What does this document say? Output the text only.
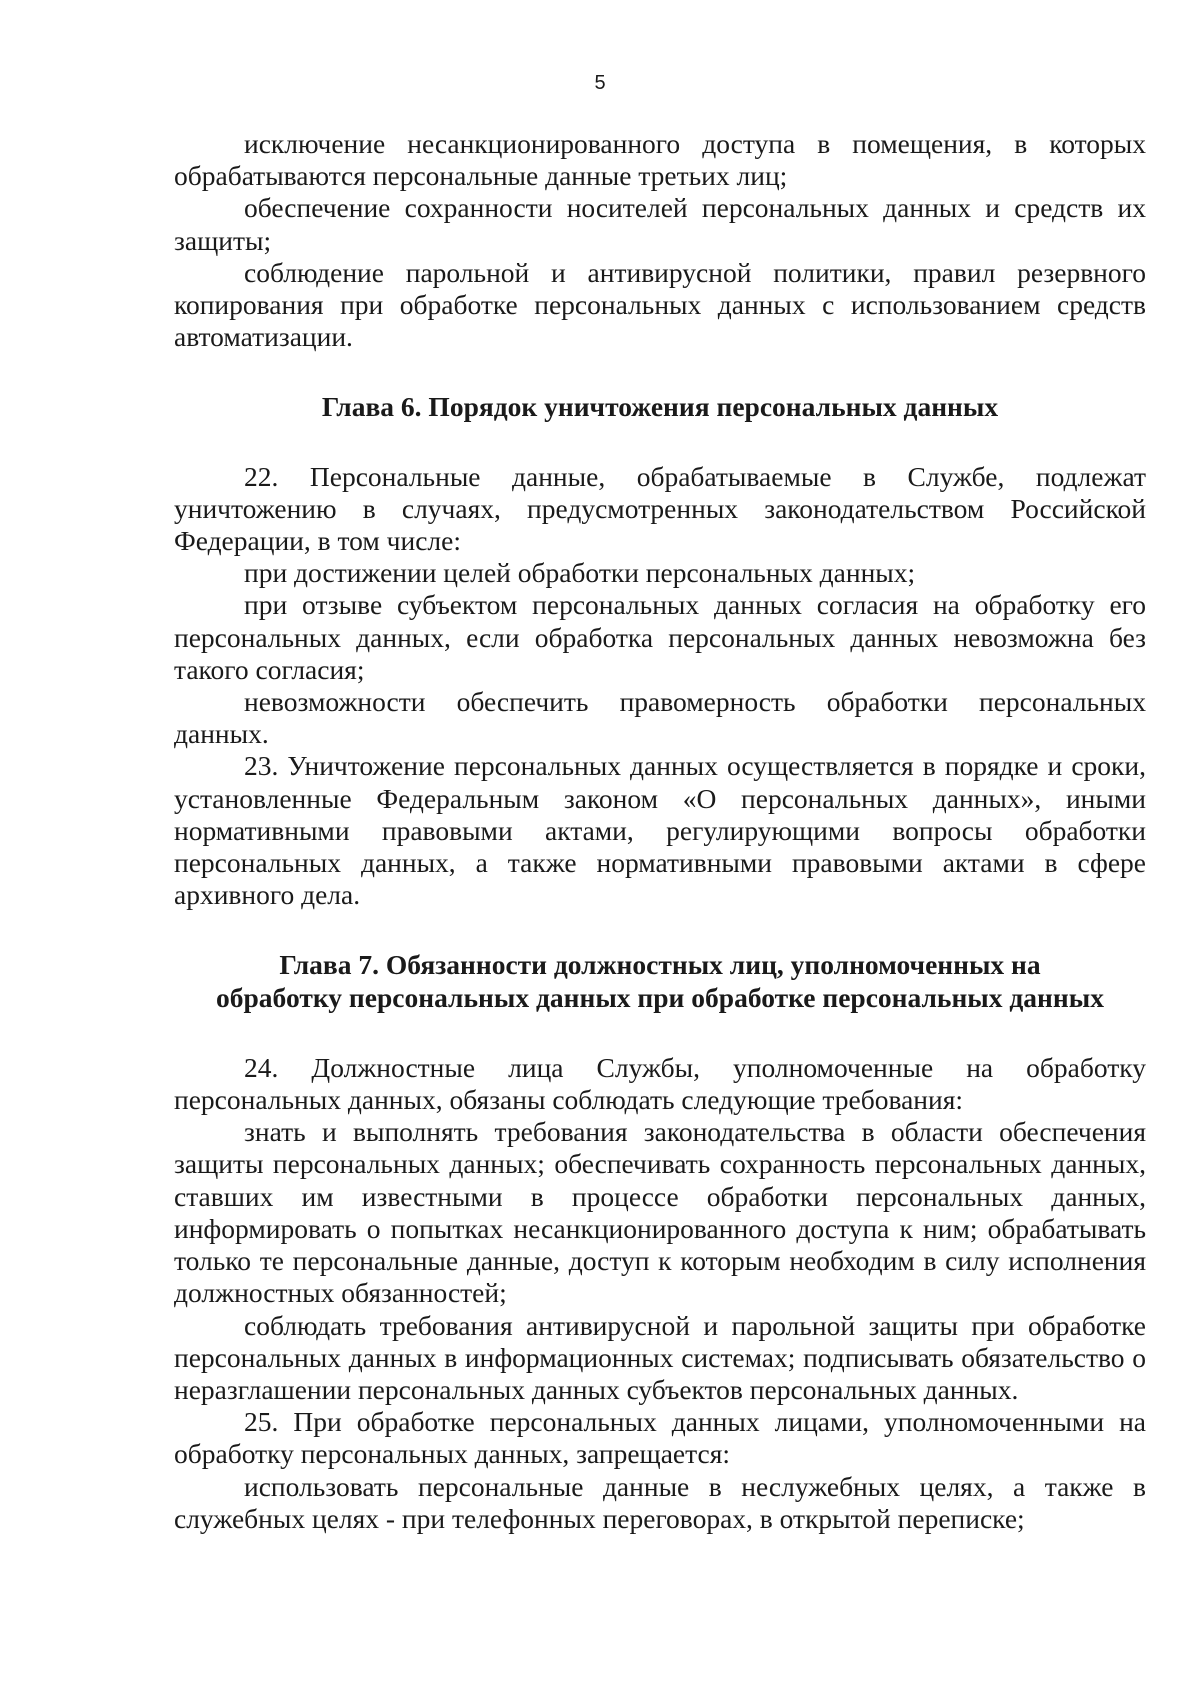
5

исключение несанкционированного доступа в помещения, в которых обрабатываются персональные данные третьих лиц;

обеспечение сохранности носителей персональных данных и средств их защиты;

соблюдение парольной и антивирусной политики, правил резервного копирования при обработке персональных данных с использованием средств автоматизации.

Глава 6. Порядок уничтожения персональных данных

22. Персональные данные, обрабатываемые в Службе, подлежат уничтожению в случаях, предусмотренных законодательством Российской Федерации, в том числе:

при достижении целей обработки персональных данных;

при отзыве субъектом персональных данных согласия на обработку его персональных данных, если обработка персональных данных невозможна без такого согласия;

невозможности обеспечить правомерность обработки персональных данных.

23. Уничтожение персональных данных осуществляется в порядке и сроки, установленные Федеральным законом «О персональных данных», иными нормативными правовыми актами, регулирующими вопросы обработки персональных данных, а также нормативными правовыми актами в сфере архивного дела.

Глава 7. Обязанности должностных лиц, уполномоченных на

обработку персональных данных при обработке персональных данных

24. Должностные лица Службы, уполномоченные на обработку персональных данных, обязаны соблюдать следующие требования:

знать и выполнять требования законодательства в области обеспечения защиты персональных данных; обеспечивать сохранность персональных данных, ставших им известными в процессе обработки персональных данных, информировать о попытках несанкционированного доступа к ним; обрабатывать только те персональные данные, доступ к которым необходим в силу исполнения должностных обязанностей;

соблюдать требования антивирусной и парольной защиты при обработке персональных данных в информационных системах; подписывать обязательство о неразглашении персональных данных субъектов персональных данных.

25. При обработке персональных данных лицами, уполномоченными на обработку персональных данных, запрещается:

использовать персональные данные в неслужебных целях, а также в служебных целях - при телефонных переговорах, в открытой переписке;
